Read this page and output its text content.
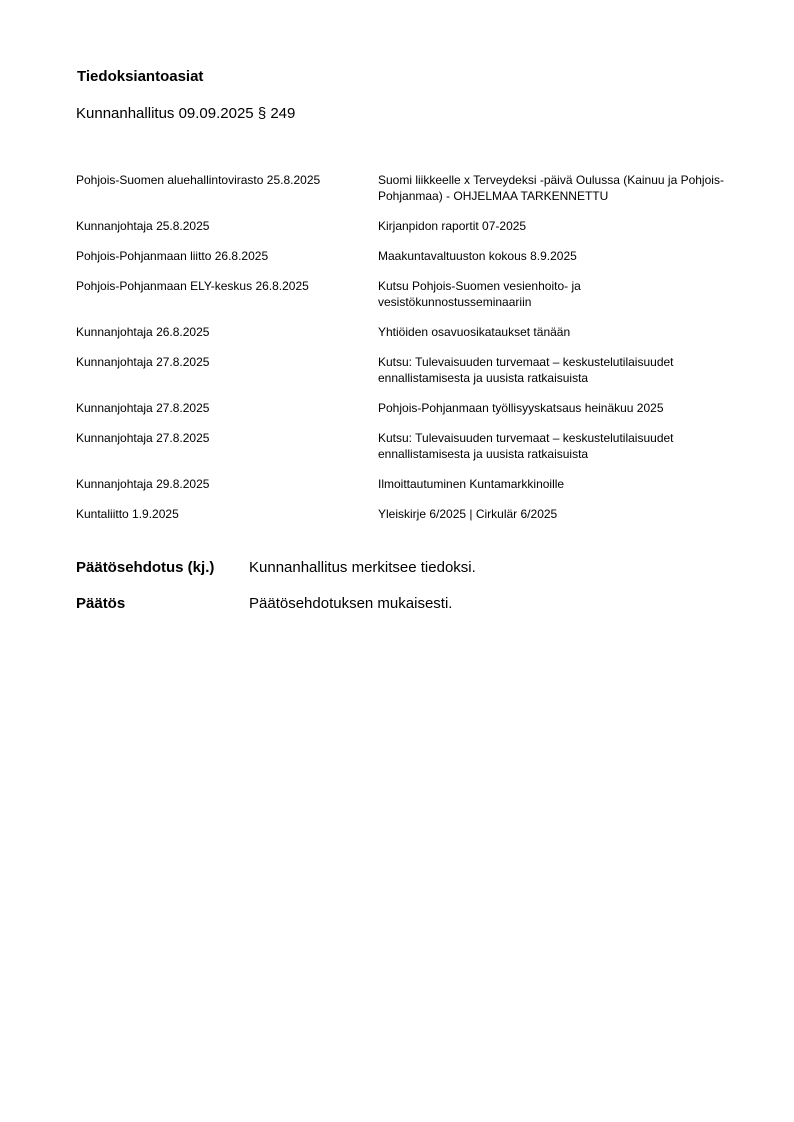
Tiedoksiantoasiat

Kunnanhallitus 09.09.2025 § 249

Pohjois-Suomen aluehallintovirasto 25.8.2025	Suomi liikkeelle x Terveydeksi -päivä Oulussa (Kainuu ja Pohjois-Pohjanmaa) - OHJELMAA TARKENNETTU
Kunnanjohtaja 25.8.2025	Kirjanpidon raportit 07-2025
Pohjois-Pohjanmaan liitto 26.8.2025	Maakuntavaltuuston kokous 8.9.2025
Pohjois-Pohjanmaan ELY-keskus 26.8.2025	Kutsu Pohjois-Suomen vesienhoito- ja vesistökunnostusseminaariin
Kunnanjohtaja 26.8.2025	Yhtiöiden osavuosikataukset tänään
Kunnanjohtaja 27.8.2025	Kutsu: Tulevaisuuden turvemaat – keskustelutilaisuudet ennallistamisesta ja uusista ratkaisuista
Kunnanjohtaja 27.8.2025	Pohjois-Pohjanmaan työllisyyskatsaus heinäkuu 2025
Kunnanjohtaja 27.8.2025	Kutsu: Tulevaisuuden turvemaat – keskustelutilaisuudet ennallistamisesta ja uusista ratkaisuista
Kunnanjohtaja 29.8.2025	Ilmoittautuminen Kuntamarkkinoille
Kuntaliitto 1.9.2025	Yleiskirje 6/2025 | Cirkulär 6/2025
Päätösehdotus (kj.)	Kunnanhallitus merkitsee tiedoksi.
Päätös	Päätösehdotuksen mukaisesti.
